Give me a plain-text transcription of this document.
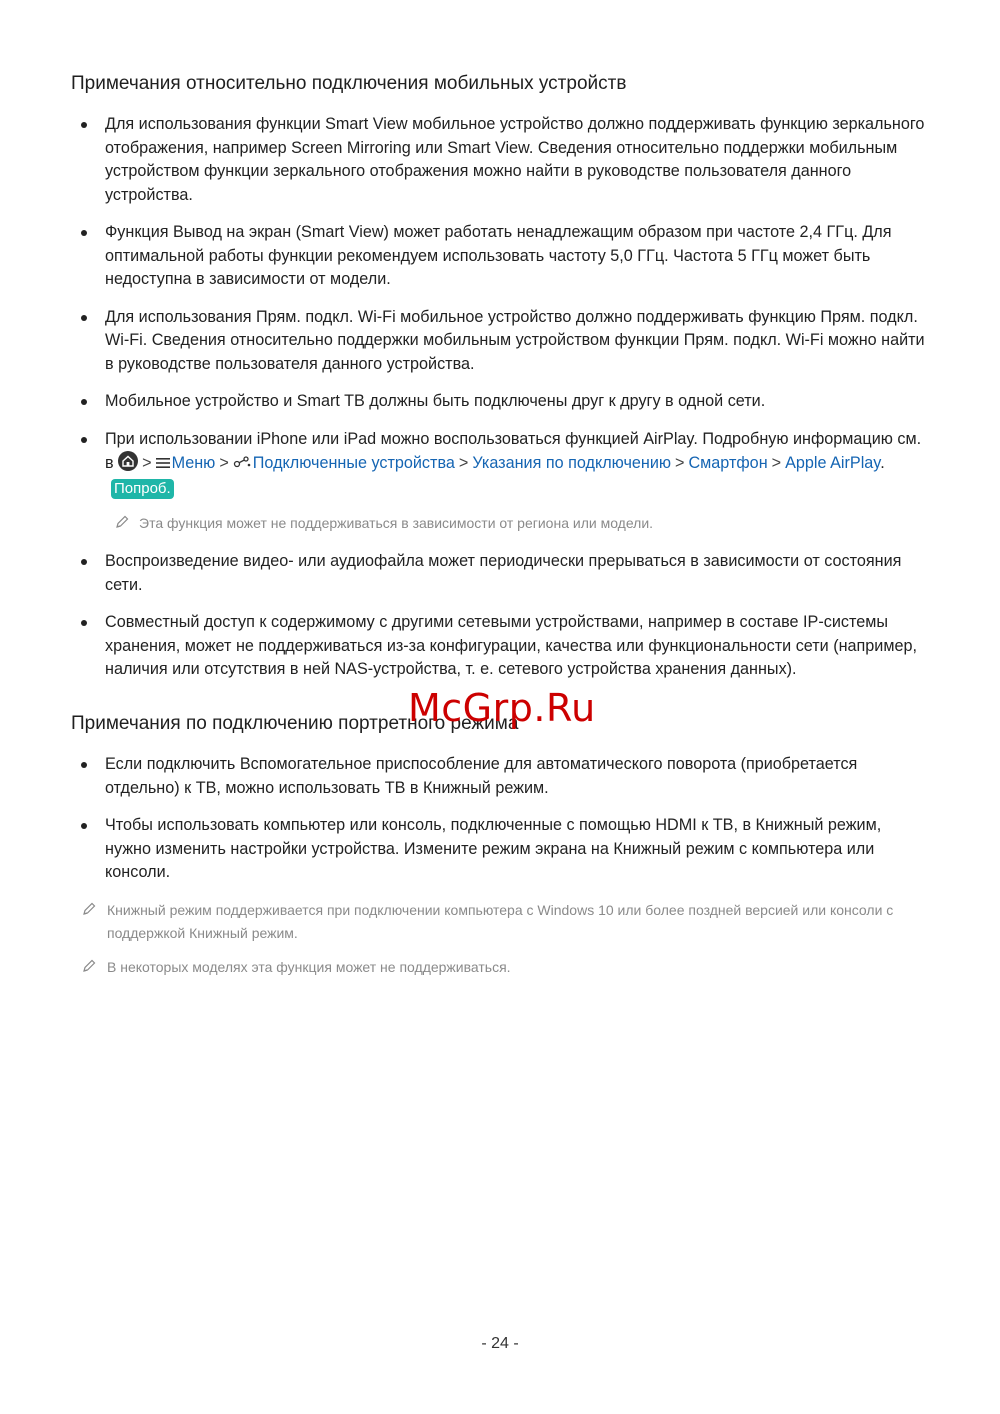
Примечания относительно подключения мобильных устройств
Для использования функции Smart View мобильное устройство должно поддерживать функцию зеркального отображения, например Screen Mirroring или Smart View. Сведения относительно поддержки мобильным устройством функции зеркального отображения можно найти в руководстве пользователя данного устройства.
Функция Вывод на экран (Smart View) может работать ненадлежащим образом при частоте 2,4 ГГц. Для оптимальной работы функции рекомендуем использовать частоту 5,0 ГГц. Частота 5 ГГц может быть недоступна в зависимости от модели.
Для использования Прям. подкл. Wi-Fi мобильное устройство должно поддерживать функцию Прям. подкл. Wi-Fi. Сведения относительно поддержки мобильным устройством функции Прям. подкл. Wi-Fi можно найти в руководстве пользователя данного устройства.
Мобильное устройство и Smart TB должны быть подключены друг к другу в одной сети.
При использовании iPhone или iPad можно воспользоваться функцией AirPlay. Подробную информацию см. в > Меню > Подключенные устройства > Указания по подключению > Смартфон > Apple AirPlay.Попроб.
Эта функция может не поддерживаться в зависимости от региона или модели.
Воспроизведение видео- или аудиофайла может периодически прерываться в зависимости от состояния сети.
Совместный доступ к содержимому с другими сетевыми устройствами, например в составе IP-системы хранения, может не поддерживаться из-за конфигурации, качества или функциональности сети (например, наличия или отсутствия в ней NAS-устройства, т. е. сетевого устройства хранения данных).
Примечания по подключению портретного режима
McGrp.Ru
Если подключить Вспомогательное приспособление для автоматического поворота (приобретается отдельно) к ТВ, можно использовать ТВ в Книжный режим.
Чтобы использовать компьютер или консоль, подключенные с помощью HDMI к ТВ, в Книжный режим, нужно изменить настройки устройства. Измените режим экрана на Книжный режим с компьютера или консоли.
Книжный режим поддерживается при подключении компьютера с Windows 10 или более поздней версией или консоли с поддержкой Книжный режим.
В некоторых моделях эта функция может не поддерживаться.
- 24 -
